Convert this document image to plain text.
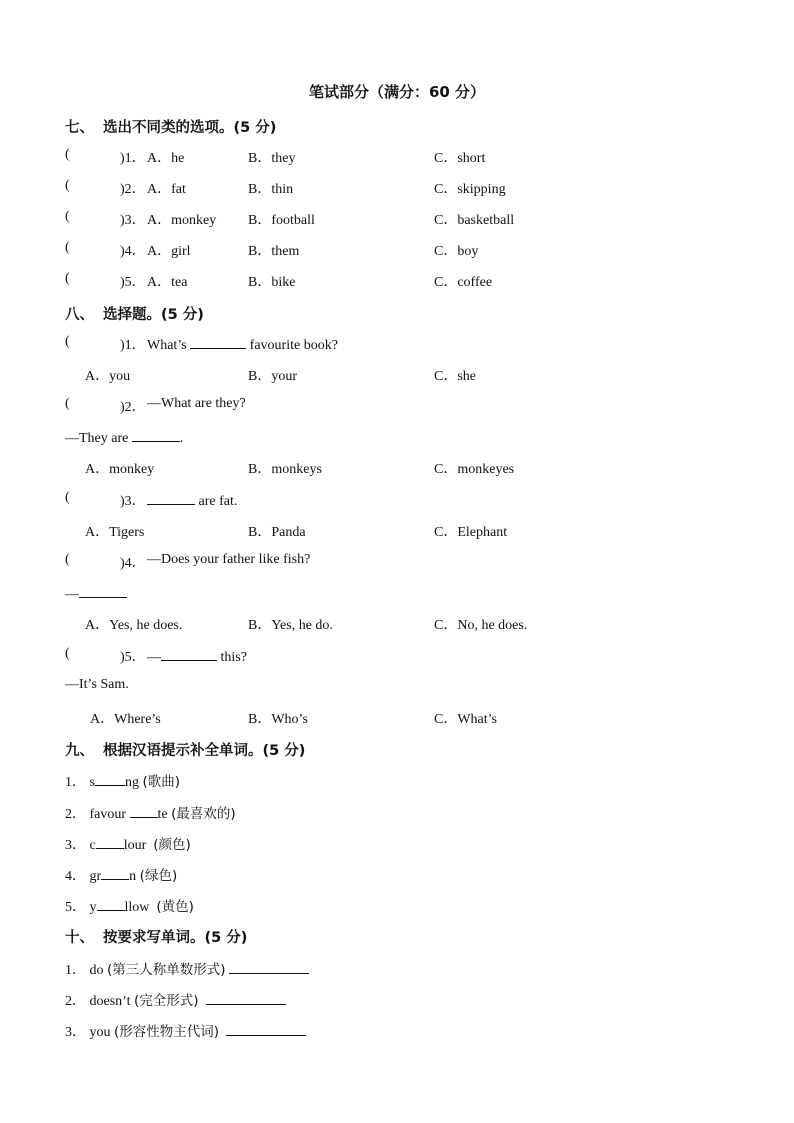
笔试部分（满分：60 分）
七、 选出不同类的选项。(5 分)
(	)1． A．he	B．they	C．short
(	)2． A．fat	B．thin	C．skipping
(	)3． A．monkey B．football	C．basketball
(	)4． A．girl	B．them	C．boy
(	)5． A．tea	B．bike	C．coffee
八、 选择题。(5 分)
(	)1． What’s	favourite book?
A．you	B．your	C．she
(	)2． —What are they?
—They are	.
A．monkey	B．monkeys	C．monkeyes
(	)3．	are fat.
A．Tigers	B．Panda	C．Elephant
(	)4． —Does your father like fish?
—
A．Yes, he does.	B．Yes, he do.	C．No, he does.
(	)5． —	this?
—It’s Sam.
A．Where’s	B．Who’s	C．What’s
九、 根据汉语提示补全单词。(5 分)
1． s ng (歌曲)
2． favour te (最喜欢的)
3． c lour (颜色)
4． gr n (绿色)
5． y llow (黄色)
十、 按要求写单词。(5 分)
1． do (第三人称单数形式)
2． doesn’t (完全形式)
3． you (形容性物主代词)
